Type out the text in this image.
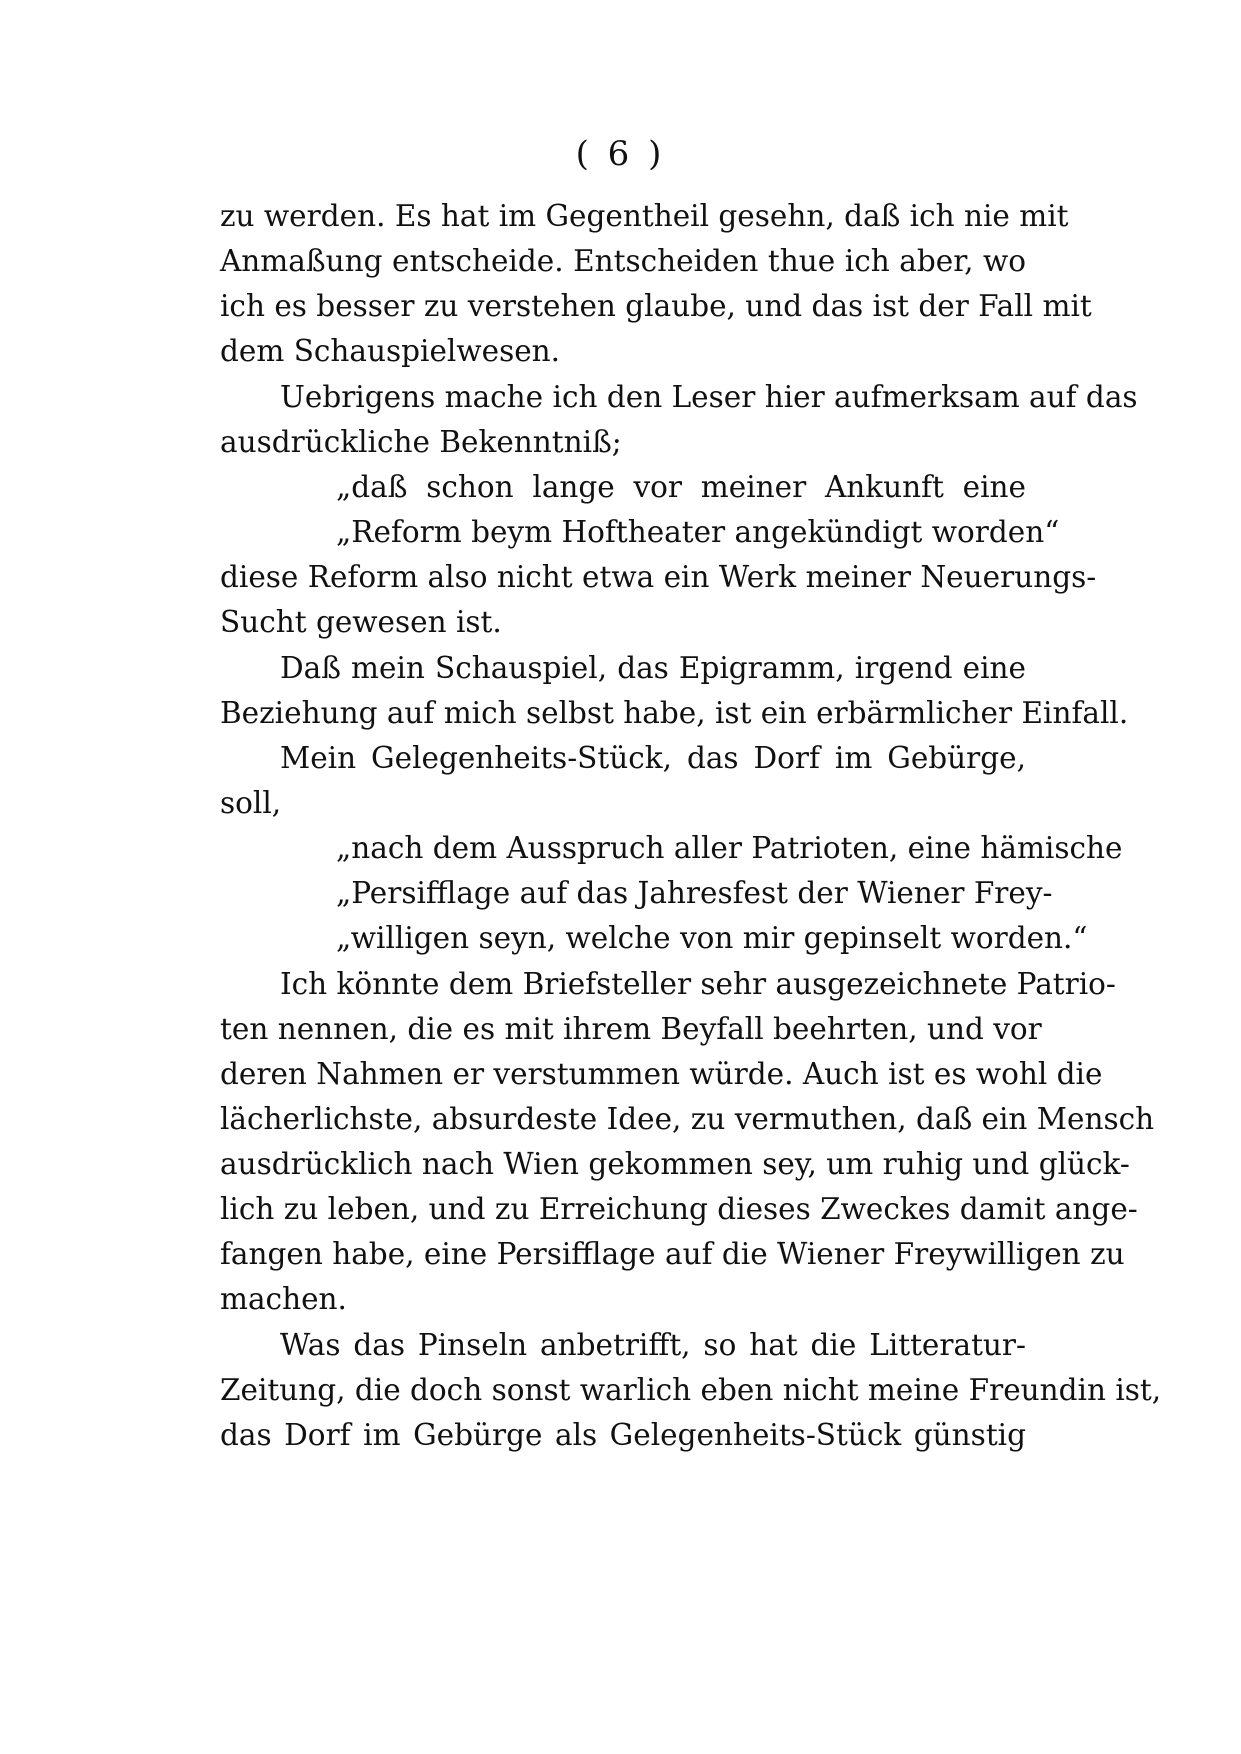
( 6 )

zu werden. Es hat im Gegentheil gesehn, daß ich nie mit

Anmaßung entscheide. Entscheiden thue ich aber, wo

ich es besser zu verstehen glaube, und das ist der Fall mit

dem Schauspielwesen.

Uebrigens mache ich den Leser hier aufmerksam auf das

ausdrückliche Bekenntniß;

„daß schon lange vor meiner Ankunft eine

„Reform beym Hoftheater angekündigt worden“

diese Reform also nicht etwa ein Werk meiner Neuerungs-

Sucht gewesen ist.

Daß mein Schauspiel, das Epigramm, irgend eine

Beziehung auf mich selbst habe, ist ein erbärmlicher Einfall.

Mein Gelegenheits-Stück, das Dorf im Gebürge,

soll,

„nach dem Ausspruch aller Patrioten, eine hämische

„Persifflage auf das Jahresfest der Wiener Frey-

„willigen seyn, welche von mir gepinselt worden.“

Ich könnte dem Briefsteller sehr ausgezeichnete Patrio-

ten nennen, die es mit ihrem Beyfall beehrten, und vor

deren Nahmen er verstummen würde. Auch ist es wohl die

lächerlichste, absurdeste Idee, zu vermuthen, daß ein Mensch

ausdrücklich nach Wien gekommen sey, um ruhig und glück-

lich zu leben, und zu Erreichung dieses Zweckes damit ange-

fangen habe, eine Persifflage auf die Wiener Freywilligen zu

machen.

Was das Pinseln anbetrifft, so hat die Litteratur-

Zeitung, die doch sonst warlich eben nicht meine Freundin ist,

das Dorf im Gebürge als Gelegenheits-Stück günstig
